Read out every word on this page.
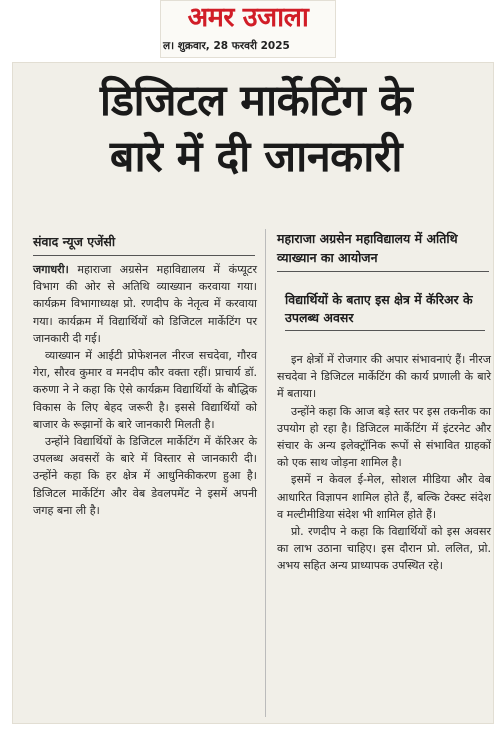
अमर उजाला
ल। शुक्रवार, 28 फरवरी 2025
डिजिटल मार्केटिंग के
बारे में दी जानकारी
संवाद न्यूज एजेंसी

जगाधरी। महाराजा अग्रसेन महाविद्यालय में कंप्यूटर विभाग की ओर से अतिथि व्याख्यान करवाया गया। कार्यक्रम विभागाध्यक्ष प्रो. रणदीप के नेतृत्व में करवाया गया। कार्यक्रम में विद्यार्थियों को डिजिटल मार्केटिंग पर जानकारी दी गई।

व्याख्यान में आईटी प्रोफेशनल नीरज सचदेवा, गौरव गेरा, सौरव कुमार व मनदीप कौर वक्ता रहीं। प्राचार्य डॉ. करुणा ने ने कहा कि ऐसे कार्यक्रम विद्यार्थियों के बौद्धिक विकास के लिए बेहद जरूरी है। इससे विद्यार्थियों को बाजार के रूझानों के बारे जानकारी मिलती है।

उन्होंने विद्यार्थियों के डिजिटल मार्केटिंग में कॅरिअर के उपलब्ध अवसरों के बारे में विस्तार से जानकारी दी। उन्होंने कहा कि हर क्षेत्र में आधुनिकीकरण हुआ है। डिजिटल मार्केटिंग और वेब डेवलपमेंट ने इसमें अपनी जगह बना ली है।

महाराजा अग्रसेन महाविद्यालय में अतिथि व्याख्यान का आयोजन
विद्यार्थियों के बताए इस क्षेत्र में कॅरिअर के उपलब्ध अवसर

इन क्षेत्रों में रोजगार की अपार संभावनाएं हैं। नीरज सचदेवा ने डिजिटल मार्केटिंग की कार्य प्रणाली के बारे में बताया।

उन्होंने कहा कि आज बड़े स्तर पर इस तकनीक का उपयोग हो रहा है। डिजिटल मार्केटिंग में इंटरनेट और संचार के अन्य इलेक्ट्रॉनिक रूपों से संभावित ग्राहकों को एक साथ जोड़ना शामिल है।

इसमें न केवल ई-मेल, सोशल मीडिया और वेब आधारित विज्ञापन शामिल होते हैं, बल्कि टेक्स्ट संदेश व मल्टीमीडिया संदेश भी शामिल होते हैं।

प्रो. रणदीप ने कहा कि विद्यार्थियों को इस अवसर का लाभ उठाना चाहिए। इस दौरान प्रो. ललित, प्रो. अभय सहित अन्य प्राध्यापक उपस्थित रहे।
